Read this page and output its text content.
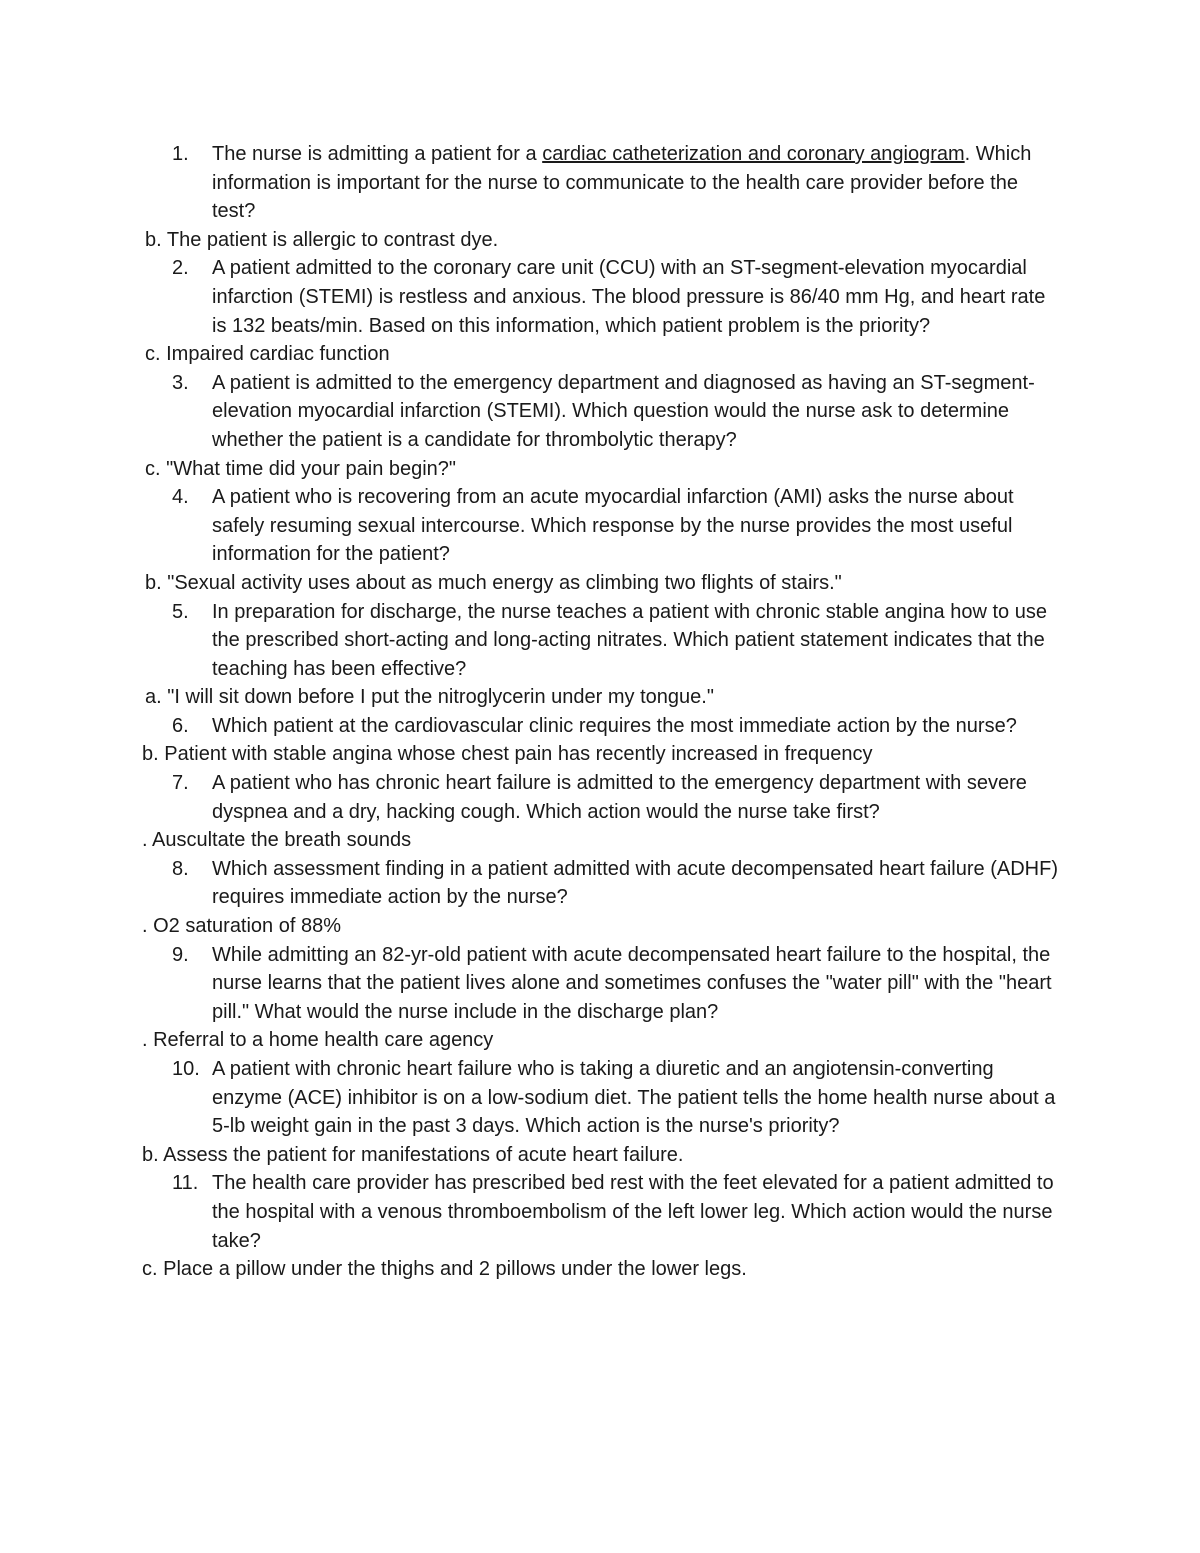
1.	The nurse is admitting a patient for a cardiac catheterization and coronary angiogram. Which information is important for the nurse to communicate to the health care provider before the test?

b. The patient is allergic to contrast dye.

2.	A patient admitted to the coronary care unit (CCU) with an ST-segment-elevation myocardial infarction (STEMI) is restless and anxious. The blood pressure is 86/40 mm Hg, and heart rate is 132 beats/min. Based on this information, which patient problem is the priority?

c. Impaired cardiac function

3.	A patient is admitted to the emergency department and diagnosed as having an ST-segment-elevation myocardial infarction (STEMI). Which question would the nurse ask to determine whether the patient is a candidate for thrombolytic therapy?

c. "What time did your pain begin?"

4.	A patient who is recovering from an acute myocardial infarction (AMI) asks the nurse about safely resuming sexual intercourse. Which response by the nurse provides the most useful information for the patient?

b. "Sexual activity uses about as much energy as climbing two flights of stairs."

5.	In preparation for discharge, the nurse teaches a patient with chronic stable angina how to use the prescribed short-acting and long-acting nitrates. Which patient statement indicates that the teaching has been effective?

a. "I will sit down before I put the nitroglycerin under my tongue."

6.	Which patient at the cardiovascular clinic requires the most immediate action by the nurse?

b. Patient with stable angina whose chest pain has recently increased in frequency

7.	A patient who has chronic heart failure is admitted to the emergency department with severe dyspnea and a dry, hacking cough. Which action would the nurse take first?

. Auscultate the breath sounds

8.	Which assessment finding in a patient admitted with acute decompensated heart failure (ADHF) requires immediate action by the nurse?

. O2 saturation of 88%

9.	While admitting an 82-yr-old patient with acute decompensated heart failure to the hospital, the nurse learns that the patient lives alone and sometimes confuses the "water pill" with the "heart pill." What would the nurse include in the discharge plan?

. Referral to a home health care agency

10. A patient with chronic heart failure who is taking a diuretic and an angiotensin-converting enzyme (ACE) inhibitor is on a low-sodium diet. The patient tells the home health nurse about a 5-lb weight gain in the past 3 days. Which action is the nurse's priority?

b. Assess the patient for manifestations of acute heart failure.

11. The health care provider has prescribed bed rest with the feet elevated for a patient admitted to the hospital with a venous thromboembolism of the left lower leg. Which action would the nurse take?

c. Place a pillow under the thighs and 2 pillows under the lower legs.
